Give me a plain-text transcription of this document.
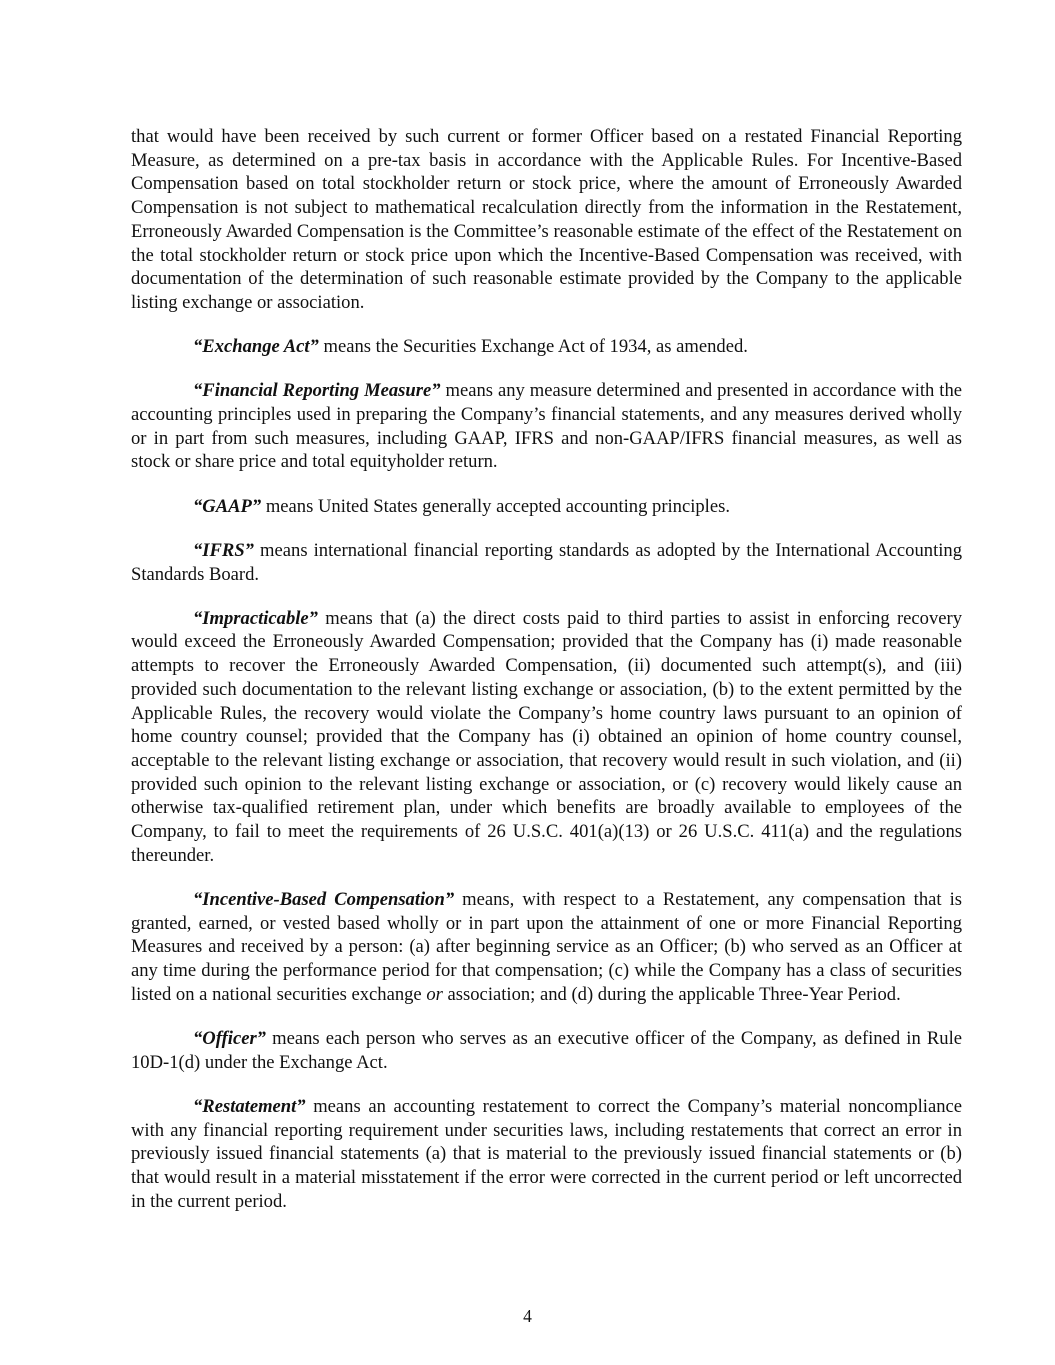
that would have been received by such current or former Officer based on a restated Financial Reporting Measure, as determined on a pre-tax basis in accordance with the Applicable Rules. For Incentive-Based Compensation based on total stockholder return or stock price, where the amount of Erroneously Awarded Compensation is not subject to mathematical recalculation directly from the information in the Restatement, Erroneously Awarded Compensation is the Committee’s reasonable estimate of the effect of the Restatement on the total stockholder return or stock price upon which the Incentive-Based Compensation was received, with documentation of the determination of such reasonable estimate provided by the Company to the applicable listing exchange or association.

“Exchange Act” means the Securities Exchange Act of 1934, as amended.

“Financial Reporting Measure” means any measure determined and presented in accordance with the accounting principles used in preparing the Company’s financial statements, and any measures derived wholly or in part from such measures, including GAAP, IFRS and non-GAAP/IFRS financial measures, as well as stock or share price and total equityholder return.

“GAAP” means United States generally accepted accounting principles.

“IFRS” means international financial reporting standards as adopted by the International Accounting Standards Board.

“Impracticable” means that (a) the direct costs paid to third parties to assist in enforcing recovery would exceed the Erroneously Awarded Compensation; provided that the Company has (i) made reasonable attempts to recover the Erroneously Awarded Compensation, (ii) documented such attempt(s), and (iii) provided such documentation to the relevant listing exchange or association, (b) to the extent permitted by the Applicable Rules, the recovery would violate the Company’s home country laws pursuant to an opinion of home country counsel; provided that the Company has (i) obtained an opinion of home country counsel, acceptable to the relevant listing exchange or association, that recovery would result in such violation, and (ii) provided such opinion to the relevant listing exchange or association, or (c) recovery would likely cause an otherwise tax-qualified retirement plan, under which benefits are broadly available to employees of the Company, to fail to meet the requirements of 26 U.S.C. 401(a)(13) or 26 U.S.C. 411(a) and the regulations thereunder.

“Incentive-Based Compensation” means, with respect to a Restatement, any compensation that is granted, earned, or vested based wholly or in part upon the attainment of one or more Financial Reporting Measures and received by a person: (a) after beginning service as an Officer; (b) who served as an Officer at any time during the performance period for that compensation; (c) while the Company has a class of securities listed on a national securities exchange or association; and (d) during the applicable Three-Year Period.

“Officer” means each person who serves as an executive officer of the Company, as defined in Rule 10D-1(d) under the Exchange Act.

“Restatement” means an accounting restatement to correct the Company’s material noncompliance with any financial reporting requirement under securities laws, including restatements that correct an error in previously issued financial statements (a) that is material to the previously issued financial statements or (b) that would result in a material misstatement if the error were corrected in the current period or left uncorrected in the current period.

4
